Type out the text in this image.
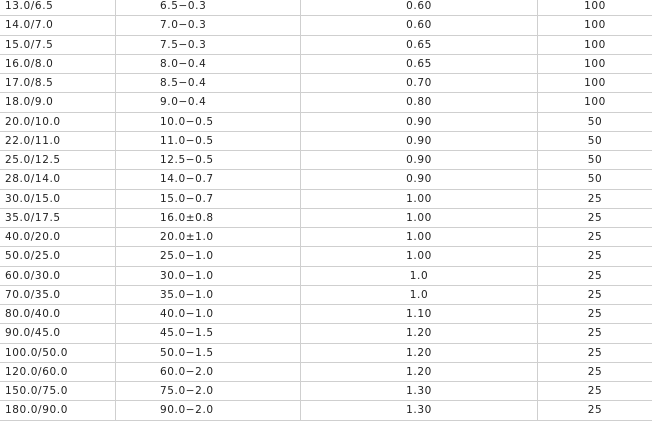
13.0/6.5	6.5−0.3	0.60	100
14.0/7.0	7.0−0.3	0.60	100
15.0/7.5	7.5−0.3	0.65	100
16.0/8.0	8.0−0.4	0.65	100
17.0/8.5	8.5−0.4	0.70	100
18.0/9.0	9.0−0.4	0.80	100
20.0/10.0	10.0−0.5	0.90	50
22.0/11.0	11.0−0.5	0.90	50
25.0/12.5	12.5−0.5	0.90	50
28.0/14.0	14.0−0.7	0.90	50
30.0/15.0	15.0−0.7	1.00	25
35.0/17.5	16.0±0.8	1.00	25
40.0/20.0	20.0±1.0	1.00	25
50.0/25.0	25.0−1.0	1.00	25
60.0/30.0	30.0−1.0	1.0	25
70.0/35.0	35.0−1.0	1.0	25
80.0/40.0	40.0−1.0	1.10	25
90.0/45.0	45.0−1.5	1.20	25
100.0/50.0	50.0−1.5	1.20	25
120.0/60.0	60.0−2.0	1.20	25
150.0/75.0	75.0−2.0	1.30	25
180.0/90.0	90.0−2.0	1.30	25
